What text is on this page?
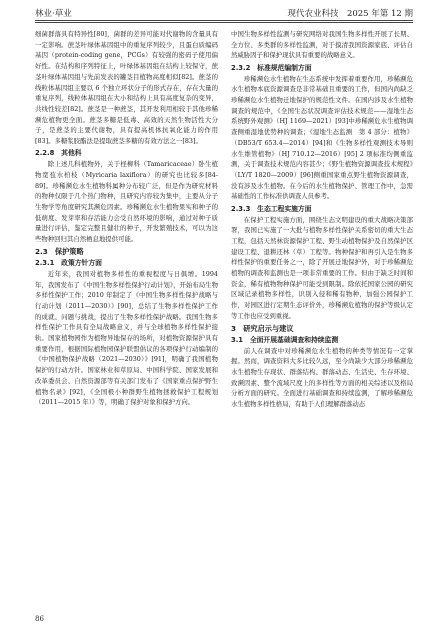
林业·草业	现代农业科技　2025 年第 12 期

细菌群落具有特异性[80]，菌群的差异可能对代谢物的含量具有一定影响。蔗茎叶绿体基因组中的重复序列较少，且蛋白质编码基因（protein-coding gene，PCGs）有较强的密码子使用偏好性。在结构和序列特征上，叶绿体基因组在结构上较保守，蔗茎叶绿体基因组与先前发表的罐茎目植物高度相似[82]。蔗茎的线粒体基因组主要以 6 个独立环状分子的形式存在，存在大量的重复序列，线粒体基因组在大小和结构上具有高度复杂的变异，共线性较差[82]。蔗茎是一种蔗茎，其开发利用相较于其他珍稀濒危植物更全面。蔗茎多糖是低毒、高效的天然生物活性大分子，是蔗茎的主要代谢物，具有提高机体抗氧化能力的作用[83]。多糖浆胶酯法是提取蔗茎多糖的有效方法之一[83]。

2.2.8　其他科

除上述几科植物外，关于柽柳科（Tamaricaceae）卧生植物宽苞水柏枝（Myricaria laxiflora）的研究也比较多[84-89]。珍稀濒危水生植物科属种分布较广泛，但是作为研究材料的物种仅限于几个热门物种，且研究内容较为集中，主要从分子生物学等角度研究其濒危因素。珍稀濒危水生植物果实和种子的低萌度、发芽率和存活能力会受自然环境的影响，通过对种子质量进行评估，鉴定完整且健壮的种子，开发繁殖技术，可以为这些物种回归其自然栖息地提供可能。

2.3　保护策略
2.3.1　政策方针方面

近年来，我国对植物多样性的重视程度与日俱增。1994 年，我国发布了《中国生物多样性保护行动计划》，开始布局生物多样性保护工作；2010 年制定了《中国生物多样性保护战略与行动计划（2011—2030）》[90]，总结了生物多样性保护工作的成就、问题与挑战，提出了生物多样性保护战略。我国生物多样性保护工作具有全局战略意义，并与全球植物多样性保护接轨。国家植物园作为植物异地保存的场所，对植物资源保护具有重要作用，根据国际植物园保护联盟倡议的各项保护行动编制的《中国植物保护战略（2021—2030）》[91]，明确了我国植物保护的行动方针。国家林业和草原局、中国科学院、国家发展和改革委员会、自然资源部等有关部门发布了《国家重点保护野生植物名录》[92]，《全国极小种群野生植物拯救保护工程规划（2011—2015 年）》等，明确了保护对象和保护方向。

中国生物多样性监测与研究网络对我国生物多样性开展了长期、全方位、多类群的多样性监测，对于摸清我国资源家底、评估自然威胁因子和保护现状具有重要的战略意义。

2.3.2　标准规范编制方面

珍稀濒危水生植物在生态系统中发挥着重要作用，珍稀濒危水生植物本底资源调查是非常基础且重要的工作，但国内尚缺乏珍稀濒危水生植物迁地保护的规范性文件。在国内涉及水生植物调查的规范中，《全国生态状况调查评估技术规范——湿地生态系统野外观测》（HJ 1169—2021）[93]中珍稀濒危水生植物调查侧重湿地优势种的调查；《湿地生态监测　第 4 部分：植物》（DB53/T 653.4—2014）[94]和《生物多样性观测技术导则　水生维管植物》（HJ 710.12—2016）[95] 2 项标准均侧重监测，关于调查技术规范内容甚少；《野生植物资源调查技术规程》（LY/T 1820—2009）[96]侧重国家重点野生植物资源调查，没有涉及水生植物。在今后的水生植物保护、管理工作中，急需基础性的工作标准供调查人员参考。

2.3.3　生态工程实施方面

在保护工程实施方面，围绕生态文明建设的重大战略决策部署，我国已实施了一大批与植物多样性保护关系密切的重大生态工程，包括天然林资源保护工程、野生动植物保护及自然保护区建设工程、退耕还林（草）工程等。物种保护和再引入是生物多样性保护的重要任务之一，除了开展迁地保护外，对于珍稀濒危植物的调查和监测也是一项非常重要的工作。但由于缺乏时间和资金，稀有植物物种保护可能受到限制。除依托国家公园的研究区域记录植物多样性，识别入侵和稀有物种，加强公园保护工作，对园区进行定期生态评价外，珍稀濒危植物的保护等级认定等工作也应受到重视。

3　研究启示与建议
3.1　全面开展基础调查和持续监测

前人在调查中对珍稀濒危水生植物的种类等情况有一定掌握。然而，调查资料大多比较久远，至今尚缺少大部分珍稀濒危水生植物生存现状、群落结构、群落动态、生活史、生存环境、致濒因素、整个流域尺度上的多样性等方面的相关综述以及格局分析方面的研究。全面进行基础调查和持续监测，了解珍稀濒危水生植物多样性格局，有助于人们理解群落动态

86
